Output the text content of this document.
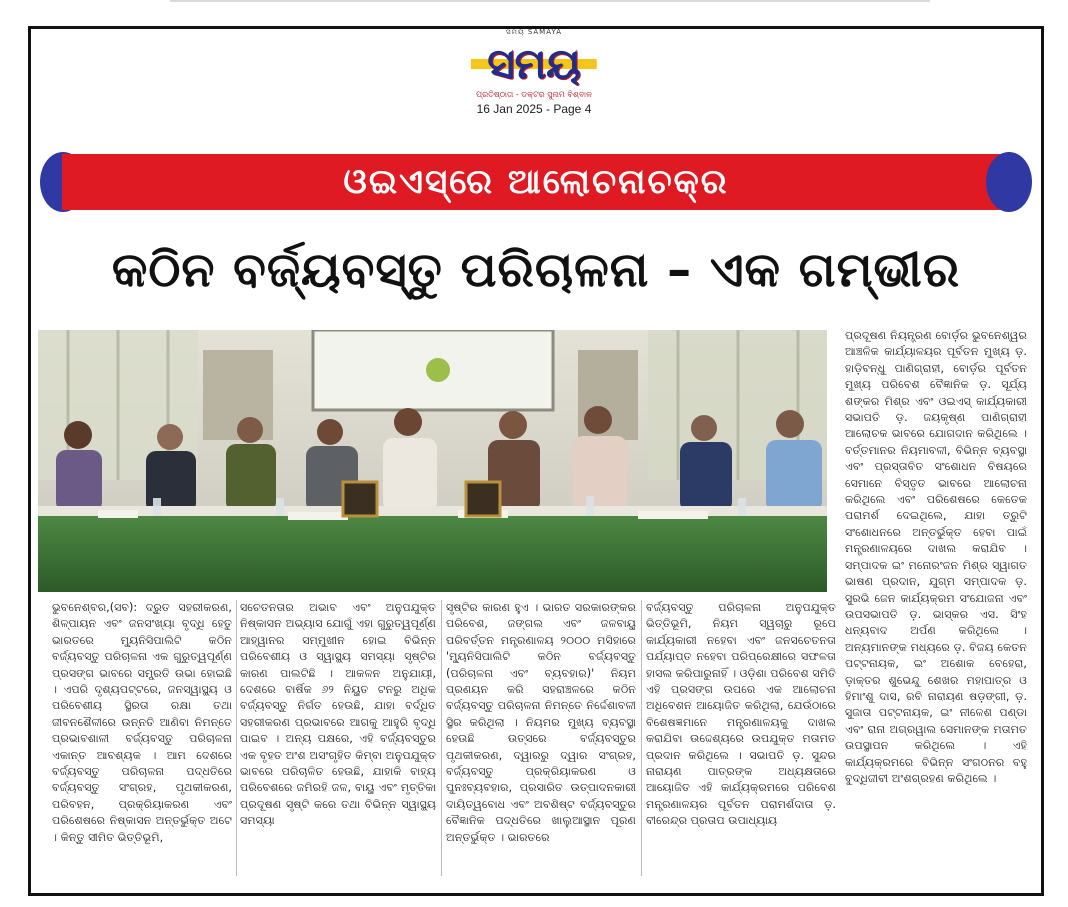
ସମୟ SAMAYA
ସମୟ
ପ୍ରତିଷ୍ଠାତା - ଡକ୍ଟର ସୁନାମ ବିଶ୍ବାଳ
16 Jan 2025 - Page 4
ଓଇଏସ୍‌ରେ ଆଲୋଚନାଚକ୍ର
କଠିନ ବର୍ଜ୍ୟବସ୍ତୁ ପରିଚାଳନା – ଏକ ଗମ୍ଭୀର

ଭୁବନେଶ୍ବର,(ସବ): ଦ୍ରୁତ ସହରୀକରଣ, ଶିଳ୍ପାୟନ ଏବଂ ଜନସଂଖ୍ୟା ବୃଦ୍ଧି ହେତୁ ଭାରତରେ ମ୍ୟୁନିସିପାଲିଟି କଠିନ ବର୍ଜ୍ୟବସ୍ତୁ ପରିଚାଳନା ଏକ ଗୁରୁତ୍ୱପୂର୍ଣ୍ଣ ପ୍ରସଙ୍ଗ ଭାବରେ ସମ୍ପ୍ରତି ଉଭା ହୋଇଛି । ଏପରି ଦୃଶ୍ୟପଟ୍ଟରେ, ଜନସ୍ୱାସ୍ଥ୍ୟ ଓ ପରିବେଶୀୟ ସ୍ଥିରତା ରକ୍ଷା ତଥା ଜୀବନଶୈଳୀରେ ଉନ୍ନତି ଆଣିବା ନିମନ୍ତେ ପ୍ରଭାବଶାଳୀ ବର୍ଜ୍ୟବସ୍ତୁ ପରିଚାଳନା ଏକାନ୍ତ ଆବଶ୍ୟକ । ଆମ ଦେଶରେ ବର୍ଜ୍ୟବସ୍ତୁ ପରିଚାଳନା ପଦ୍ଧତିରେ ବର୍ଜ୍ୟବସ୍ତୁ ସଂଗ୍ରହ, ପୃଥକୀକରଣ, ପରିବହନ, ପ୍ରକ୍ରିୟାକରଣ ଏବଂ ପରିଶେଷରେ ନିଷ୍କାସନ ଅନ୍ତର୍ଭୁକ୍ତ ଅଟେ । କିନ୍ତୁ ସୀମିତ ଭିତ୍ତିଭୂମି,

ସଚେତନତାର ଅଭାବ ଏବଂ ଅନୁପଯୁକ୍ତ ନିଷ୍କାସନ ଅଭ୍ୟାସ ଯୋଗୁଁ ଏହା ଗୁରୁତ୍ୱପୂର୍ଣ୍ଣ ଆହ୍ୱାନର ସମ୍ମୁଖୀନ ହୋଇ ବିଭିନ୍ନ ପରିବେଶୀୟ ଓ ସ୍ୱାସ୍ଥ୍ୟ ସମସ୍ୟା ସୃଷ୍ଟିର କାରଣ ପାଲଟିଛି । ଆକଳନ ଅନୁଯାୟୀ, ଦେଶରେ ବାର୍ଷିକ ୬୨ ନିୟୁତ ଟନରୁ ଅଧିକ ବର୍ଜ୍ୟବସ୍ତୁ ନିର୍ଗତ ହେଉଛି, ଯାହା ବର୍ଦ୍ଧିତ ସହରୀକରଣ ପ୍ରଭାବରେ ଆଗକୁ ଆହୁରି ବୃଦ୍ଧି ପାଇବ । ଅନ୍ୟ ପକ୍ଷରେ, ଏହି ବର୍ଜ୍ୟବସ୍ତୁର ଏକ ବୃହତ ଅଂଶ ଅସଂଗୃହିତ କିମ୍ବା ଅନୁପଯୁକ୍ତ ଭାବରେ ପରିଚାଳିତ ହେଉଛି, ଯାହାକି ବାହ୍ୟ ପରିବେଶରେ ଜମିରହି ଜଳ, ବାୟୁ ଏବଂ ମୃତ୍ତିକା ପ୍ରଦୂଷଣ ସୃଷ୍ଟି କରେ ତଥା ବିଭିନ୍ନ ସ୍ୱାସ୍ଥ୍ୟ ସମସ୍ୟା

ସୃଷ୍ଟିର କାରଣ ହୁଏ । ଭାରତ ସରକାରଙ୍କର ପରିବେଶ, ଜଙ୍ଗଲ ଏବଂ ଜଳବାୟୁ ପରିବର୍ତ୍ତନ ମନ୍ତ୍ରଣାଳୟ ୨୦୦୦ ମସିହାରେ 'ମ୍ୟୁନିସିପାଲିଟି କଠିନ ବର୍ଜ୍ୟବସ୍ତୁ (ପରିଚାଳନା ଏବଂ ବ୍ୟବହାର)' ନିୟମ ପ୍ରଣୟନ କରି ସହରାଞ୍ଚଳରେ କଠିନ ବର୍ଜ୍ୟବସ୍ତୁ ପରିଚାଳନା ନିମନ୍ତେ ନିର୍ଦ୍ଦେଶାବଳୀ ସ୍ଥିର କରିଥିଲା । ନିୟମର ମୁଖ୍ୟ ବ୍ୟବସ୍ଥା ହେଉଛି ଉତ୍ସରେ ବର୍ଜ୍ୟବସ୍ତୁର ପୃଥକୀକରଣ, ଦ୍ୱାରରୁ ଦ୍ୱାର ସଂଗ୍ରହ, ବର୍ଜ୍ୟବସ୍ତୁ ପ୍ରକ୍ରିୟାକରଣ ଓ ପୁନଃବ୍ୟବହାର, ପ୍ରସାରିତ ଉତ୍ପାଦନକାରୀ ଦାୟିତ୍ୱବୋଧ ଏବଂ ଅବଶିଷ୍ଟ ବର୍ଜ୍ୟବସ୍ତୁର ବୈଜ୍ଞାନିକ ପଦ୍ଧତିରେ ଖାଲୁଆସ୍ଥାନ ପୂରଣ ଅନ୍ତର୍ଭୁକ୍ତ । ଭାରତରେ

ବର୍ଜ୍ୟବସ୍ତୁ ପରିଚାଳନା ଅନୁପଯୁକ୍ତ ଭିତ୍ତିଭୂମି, ନିୟମ ସ୍ୱଚାରୁ ରୂପେ କାର୍ଯ୍ୟକାରୀ ନହେବା ଏବଂ ଜନସଚେତନତା ପର୍ଯ୍ୟାପ୍ତ ନହେବା ପରିପ୍ରେକ୍ଷୀରେ ସଫଳତା ହାସଲ କରିପାରୁନାହିଁ । ଓଡ଼ିଶା ପରିବେଶ ସମିତି ଏହି ପ୍ରସଙ୍ଗ ଉପରେ ଏକ ଆଲୋଚନା ଅଧିବେଶନ ଆୟୋଜିତ କରିଥିଲା, ଯେଉଁଠାରେ ବିଶେଷଜ୍ଞମାନେ ମନ୍ତ୍ରଣାଳୟକୁ ଦାଖଲ କରାଯିବା ଉଦ୍ଦେଶ୍ୟରେ ଉପଯୁକ୍ତ ମତାମତ ପ୍ରଦାନ କରିଥିଲେ । ସଭାପତି ଡ଼. ସୁନ୍ଦର ନାରାୟଣ ପାତ୍ରଙ୍କ ଅଧ୍ୟକ୍ଷତାରେ ଆୟୋଜିତ ଏହି କାର୍ଯ୍ୟକ୍ରମରେ ପରିବେଶ ମନ୍ତ୍ରଣାଳୟର ପୂର୍ବତନ ପରାମର୍ଶଦାତା ଡ଼. ବୀରେନ୍ଦ୍ର ପ୍ରତାପ ଉପାଧ୍ୟାୟ

ପ୍ରଦୂଷଣ ନିୟନ୍ତ୍ରଣ ବୋର୍ଡ଼ର ଭୁବନେଶ୍ୱର ଆଞ୍ଚଳିକ କାର୍ଯ୍ୟାଳୟର ପୂର୍ବତନ ମୁଖ୍ୟ ଡ଼. ହାଡ଼ିବନ୍ଧୁ ପାଣିଗ୍ରାହୀ, ବୋର୍ଡ଼ର ପୂର୍ବତନ ମୁଖ୍ୟ ପରିବେଶ ବୈଜ୍ଞାନିକ ଡ଼. ସୂର୍ଯ୍ୟ ଶଙ୍କର ମିଶ୍ର ଏବଂ ଓଇଏସ୍ କାର୍ଯ୍ୟକାରୀ ସଭାପତି ଡ଼. ଜୟକୃଷ୍ଣ ପାଣିଗ୍ରାହୀ ଆଲୋଚକ ଭାବରେ ଯୋଗଦାନ କରିଥିଲେ । ବର୍ତ୍ତମାନର ନିୟମାବଳୀ, ବିଭିନ୍ନ ବ୍ୟବସ୍ଥା ଏବଂ ପ୍ରସ୍ତାବିତ ସଂଶୋଧନ ବିଷୟରେ ସେମାନେ ବିସ୍ତୃତ ଭାବରେ ଆଲୋଚନା କରିଥିଲେ ଏବଂ ପରିଶେଷରେ କେତେକ ପରାମର୍ଶ ଦେଇଥିଲେ, ଯାହା ତ୍ରୁଟି ସଂଶୋଧନରେ ଅନ୍ତର୍ଭୁକ୍ତ ହେବା ପାଇଁ ମନ୍ତ୍ରଣାଳୟରେ ଦାଖଲ କରାଯିବ । ସମ୍ପାଦକ ଇଂ ମନୋରଂଜନ ମିଶ୍ର ସ୍ୱାଗତ ଭାଷଣ ପ୍ରଦାନ, ଯୁଗ୍ମ ସମ୍ପାଦକ ଡ଼. ସୁରଭି ଜେନ କାର୍ଯ୍ୟକ୍ରମ ସଂଯୋଜନା ଏବଂ ଉପସଭାପତି ଡ଼. ଭାସ୍କର ଏସ. ସିଂହ ଧନ୍ୟବାଦ ଅର୍ପଣ କରିଥିଲେ । ଅନ୍ୟମାନଙ୍କ ମଧ୍ୟରେ ଡ଼. ବିଜୟ କେତନ ପଟ୍ଟନାୟକ, ଇଂ ଅଶୋକ ବେହେରା, ଡ଼ାକ୍ତର ଶୁଭେନ୍ଦୁ ଶେଖର ମହାପାତ୍ର ଓ ହିମାଂଶୁ ଦାସ, ରବି ନାରାୟଣ ଷଡ଼ଙ୍ଗୀ, ଡ଼. ସୁଜାତା ପଟ୍ଟନାୟକ, ଇଂ ନୀଳେଶ ପଣ୍ଡା ଏବଂ ରାନା ଅଗ୍ରୱାଲ ସେମାନଙ୍କ ମତାମତ ଉପସ୍ଥାପନ କରିଥିଲେ । ଏହି କାର୍ଯ୍ୟକ୍ରମରେ ବିଭିନ୍ନ ସଂଗଠନର ବହୁ ବୁଦ୍ଧିଜୀବୀ ଅଂଶଗ୍ରହଣ କରିଥିଲେ ।
